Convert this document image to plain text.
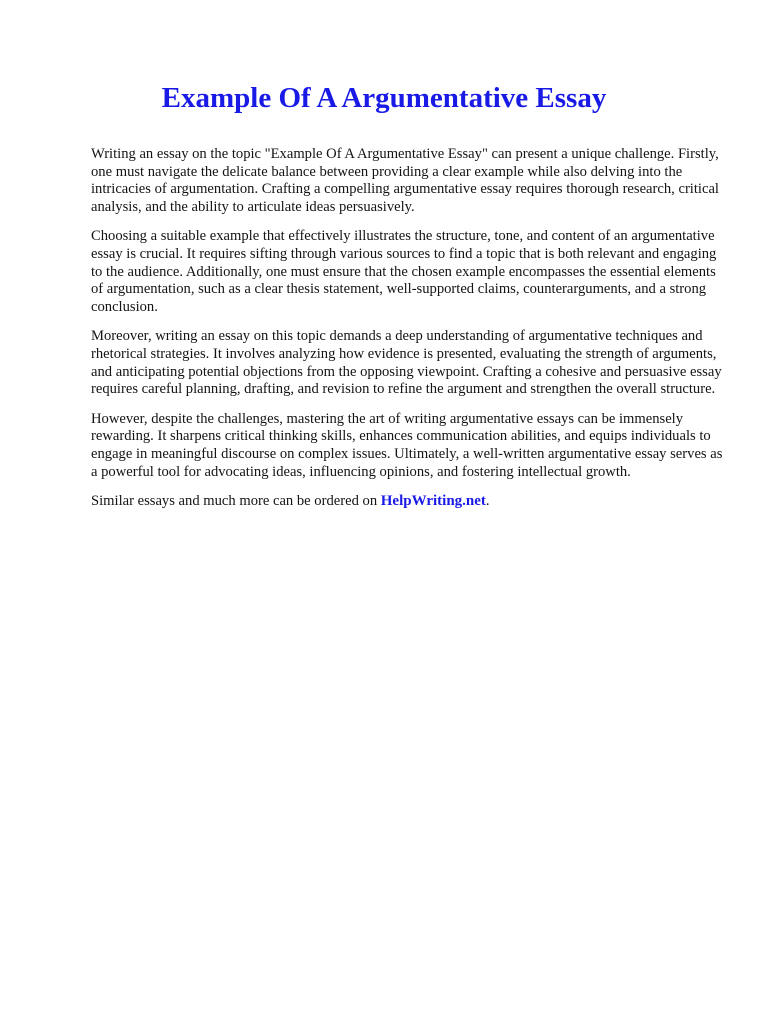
Example Of A Argumentative Essay

Writing an essay on the topic "Example Of A Argumentative Essay" can present a unique challenge. Firstly, one must navigate the delicate balance between providing a clear example while also delving into the intricacies of argumentation. Crafting a compelling argumentative essay requires thorough research, critical analysis, and the ability to articulate ideas persuasively.

Choosing a suitable example that effectively illustrates the structure, tone, and content of an argumentative essay is crucial. It requires sifting through various sources to find a topic that is both relevant and engaging to the audience. Additionally, one must ensure that the chosen example encompasses the essential elements of argumentation, such as a clear thesis statement, well-supported claims, counterarguments, and a strong conclusion.

Moreover, writing an essay on this topic demands a deep understanding of argumentative techniques and rhetorical strategies. It involves analyzing how evidence is presented, evaluating the strength of arguments, and anticipating potential objections from the opposing viewpoint. Crafting a cohesive and persuasive essay requires careful planning, drafting, and revision to refine the argument and strengthen the overall structure.

However, despite the challenges, mastering the art of writing argumentative essays can be immensely rewarding. It sharpens critical thinking skills, enhances communication abilities, and equips individuals to engage in meaningful discourse on complex issues. Ultimately, a well-written argumentative essay serves as a powerful tool for advocating ideas, influencing opinions, and fostering intellectual growth.

Similar essays and much more can be ordered on HelpWriting.net.
